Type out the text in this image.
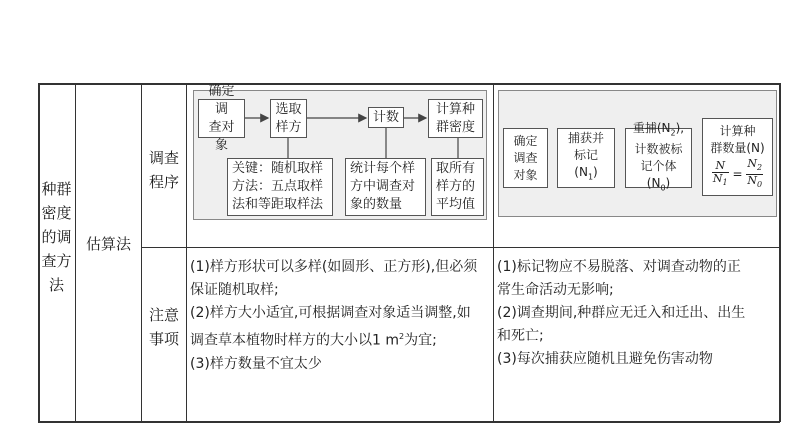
种群
密度
的调
查方
法
估算法
调查
程序
注意
事项
确定调
查对象
选取
样方
计数
计算种
群密度
关键：随机取样
方法：五点取样
法和等距取样法
统计每个样
方中调查对
象的数量
取所有
样方的
平均值
确定
调查
对象
捕获并
标记
$(N_1)$
重捕$(N_2)$,
计数被标
记个体$(N_0)$
计算种
群数量(N)
$\frac{N}{N_1} = \frac{N_2}{N_0}$
(1)样方形状可以多样(如圆形、正方形),但必须
保证随机取样;
(2)样方大小适宜,可根据调查对象适当调整,如
调查草本植物时样方的大小以1 $m^2$为宜;
(3)样方数量不宜太少
(1)标记物应不易脱落、对调查动物的正
常生命活动无影响;
(2)调查期间,种群应无迁入和迁出、出生
和死亡;
(3)每次捕获应随机且避免伤害动物
